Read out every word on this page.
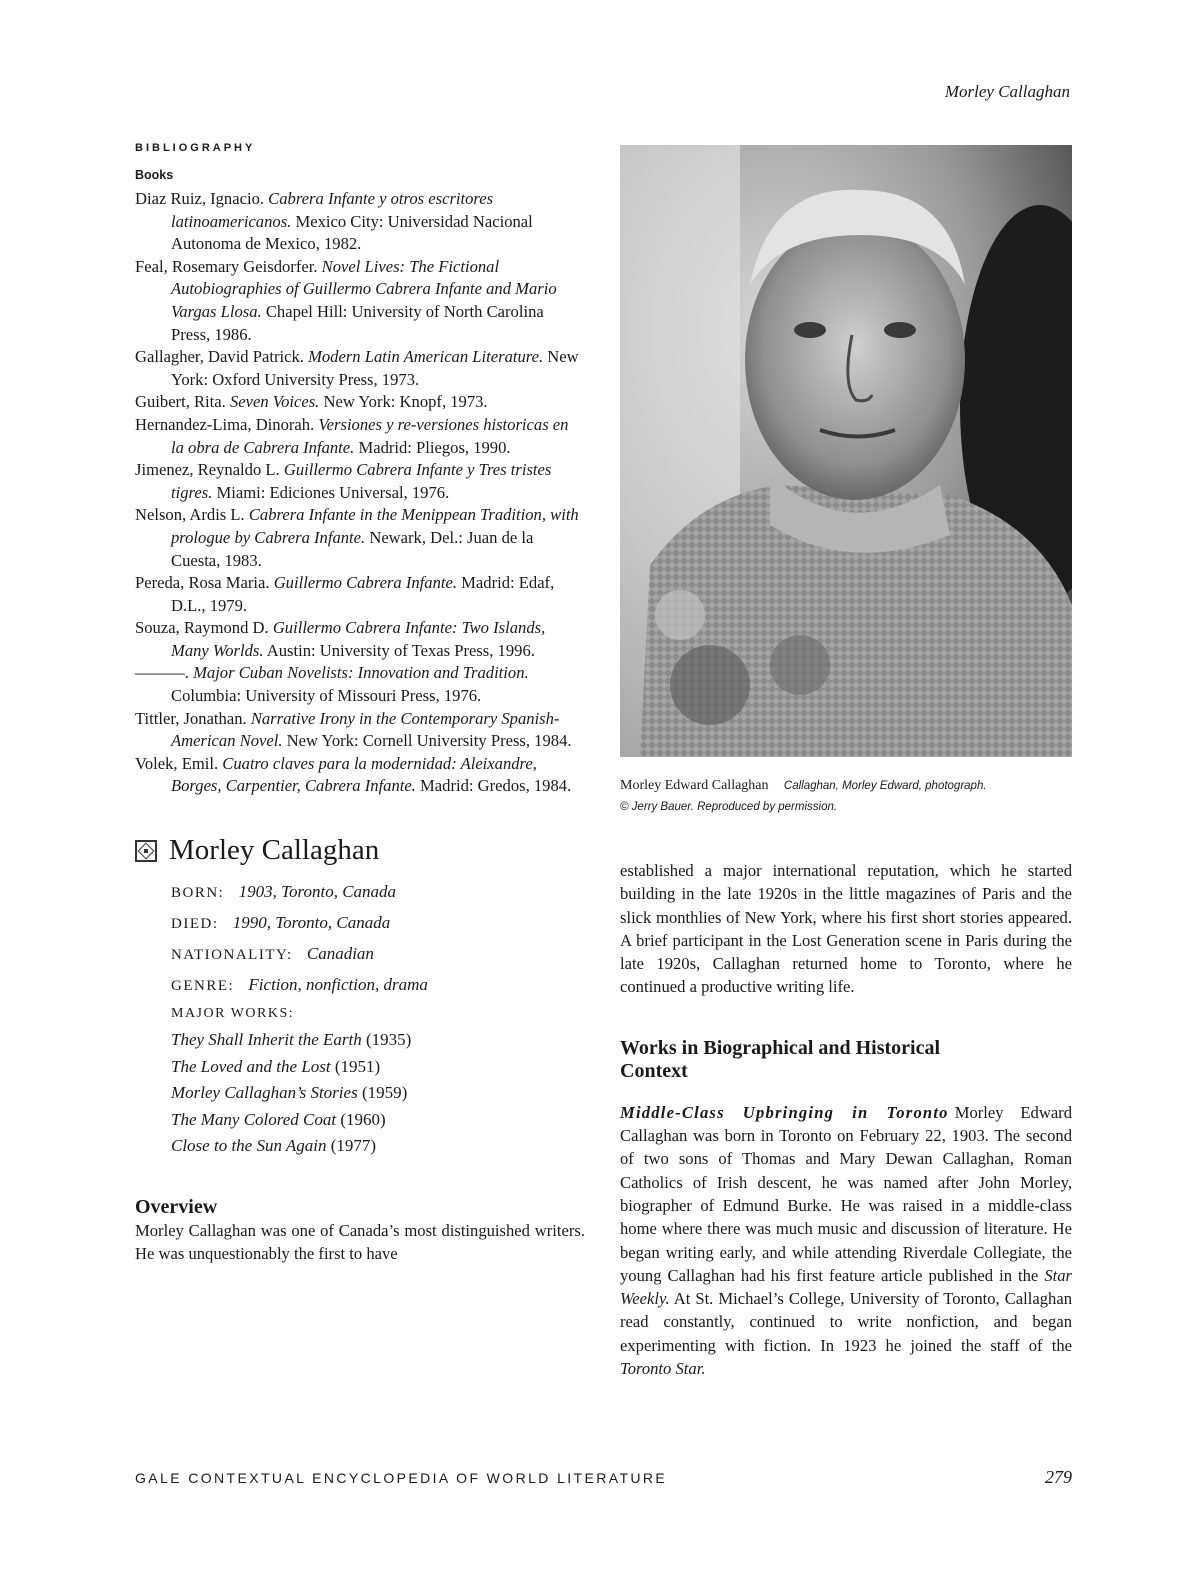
Morley Callaghan
BIBLIOGRAPHY
Books
Diaz Ruiz, Ignacio. Cabrera Infante y otros escritores latinoamericanos. Mexico City: Universidad Nacional Autonoma de Mexico, 1982.
Feal, Rosemary Geisdorfer. Novel Lives: The Fictional Autobiographies of Guillermo Cabrera Infante and Mario Vargas Llosa. Chapel Hill: University of North Carolina Press, 1986.
Gallagher, David Patrick. Modern Latin American Literature. New York: Oxford University Press, 1973.
Guibert, Rita. Seven Voices. New York: Knopf, 1973.
Hernandez-Lima, Dinorah. Versiones y re-versiones historicas en la obra de Cabrera Infante. Madrid: Pliegos, 1990.
Jimenez, Reynaldo L. Guillermo Cabrera Infante y Tres tristes tigres. Miami: Ediciones Universal, 1976.
Nelson, Ardis L. Cabrera Infante in the Menippean Tradition, with prologue by Cabrera Infante. Newark, Del.: Juan de la Cuesta, 1983.
Pereda, Rosa Maria. Guillermo Cabrera Infante. Madrid: Edaf, D.L., 1979.
Souza, Raymond D. Guillermo Cabrera Infante: Two Islands, Many Worlds. Austin: University of Texas Press, 1996.
———. Major Cuban Novelists: Innovation and Tradition. Columbia: University of Missouri Press, 1976.
Tittler, Jonathan. Narrative Irony in the Contemporary Spanish-American Novel. New York: Cornell University Press, 1984.
Volek, Emil. Cuatro claves para la modernidad: Aleixandre, Borges, Carpentier, Cabrera Infante. Madrid: Gredos, 1984.
Morley Callaghan
BORN: 1903, Toronto, Canada
DIED: 1990, Toronto, Canada
NATIONALITY: Canadian
GENRE: Fiction, nonfiction, drama
MAJOR WORKS:
They Shall Inherit the Earth (1935)
The Loved and the Lost (1951)
Morley Callaghan’s Stories (1959)
The Many Colored Coat (1960)
Close to the Sun Again (1977)
Overview

Morley Callaghan was one of Canada’s most distinguished writers. He was unquestionably the first to have

Morley Edward Callaghan Callaghan, Morley Edward, photograph.
© Jerry Bauer. Reproduced by permission.

established a major international reputation, which he started building in the late 1920s in the little magazines of Paris and the slick monthlies of New York, where his first short stories appeared. A brief participant in the Lost Generation scene in Paris during the late 1920s, Callaghan returned home to Toronto, where he continued a productive writing life.

Works in Biographical and Historical
Context

Middle-Class Upbringing in Toronto Morley Edward Callaghan was born in Toronto on February 22, 1903. The second of two sons of Thomas and Mary Dewan Callaghan, Roman Catholics of Irish descent, he was named after John Morley, biographer of Edmund Burke. He was raised in a middle-class home where there was much music and discussion of literature. He began writing early, and while attending Riverdale Collegiate, the young Callaghan had his first feature article published in the Star Weekly. At St. Michael’s College, University of Toronto, Callaghan read constantly, continued to write nonfiction, and began experimenting with fiction. In 1923 he joined the staff of the Toronto Star.

GALE CONTEXTUAL ENCYCLOPEDIA OF WORLD LITERATURE	279
